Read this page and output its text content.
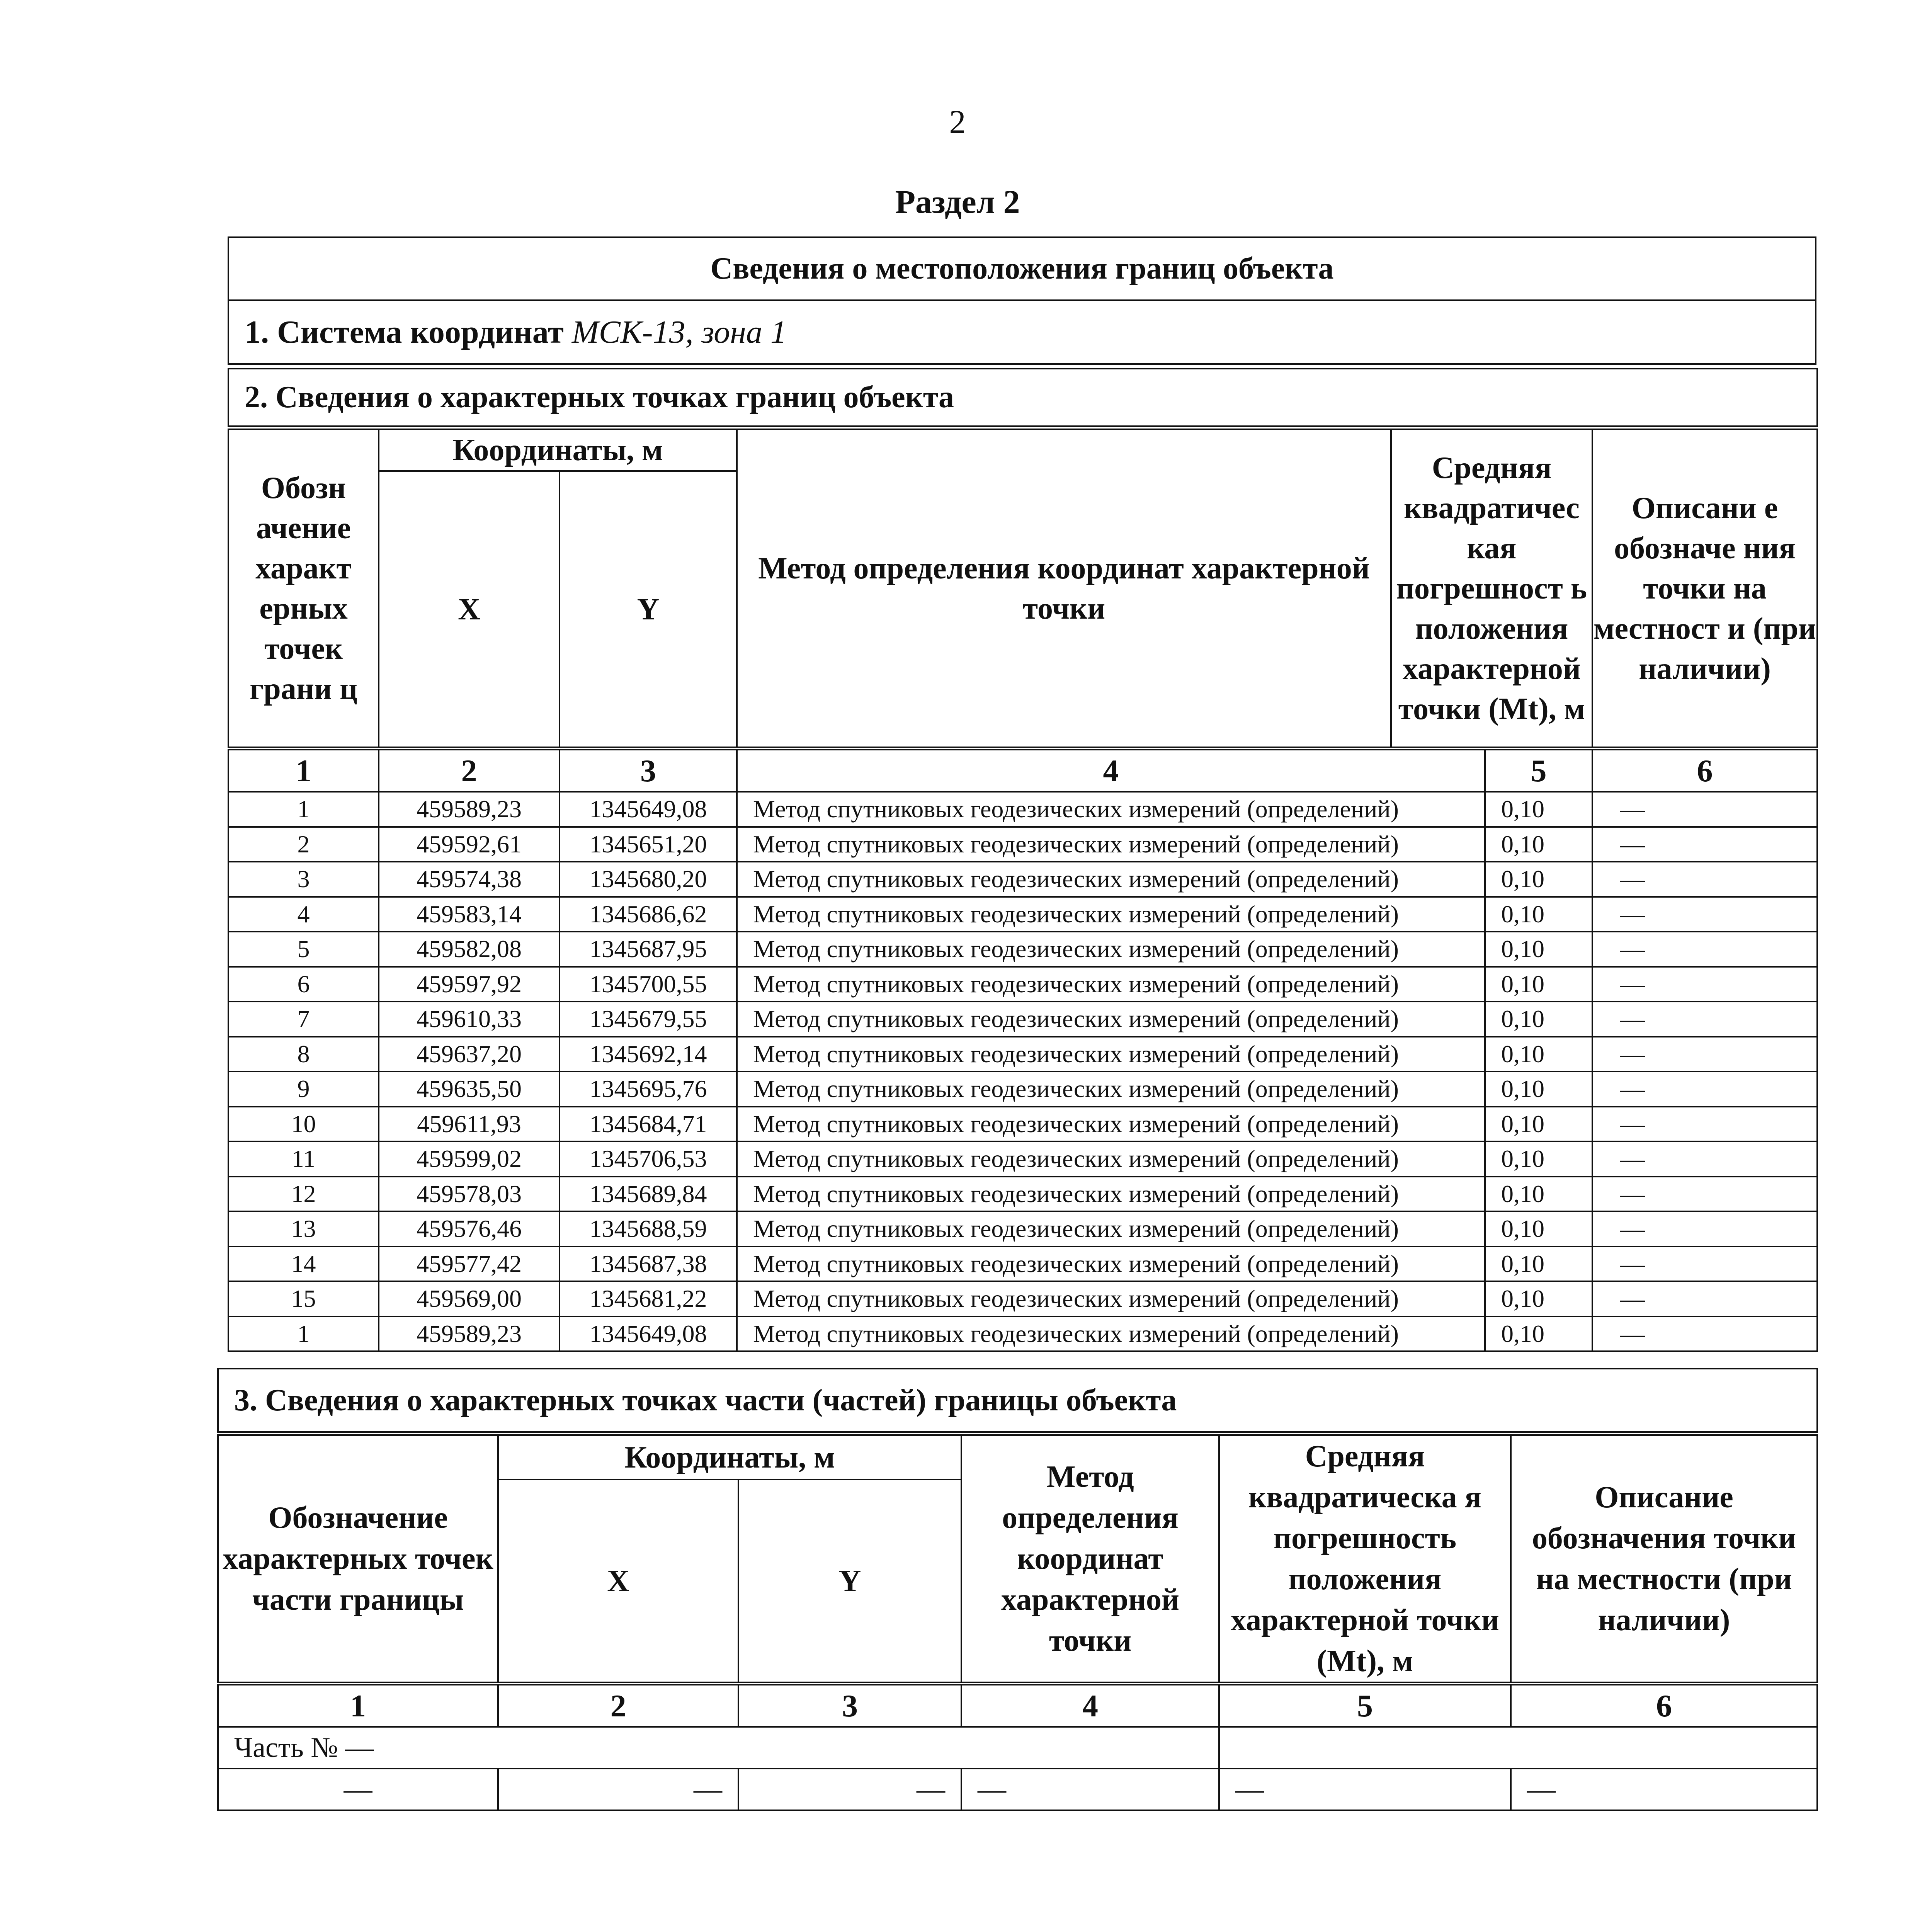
2
Раздел 2
Сведения о местоположения границ объекта
1. Система координат МСК-13, зона 1
2. Сведения о характерных точках границ объекта						
Обозн ачение характ ерных точек грани ц	Координаты, м		Метод определения координат характерной точки	Средняя квадратичес кая погрешност ь положения характерной точки (Mt), м		Описани е обозначе ния точки на местност и (при наличии)
	X	Y				
1	2	3	4		5	6
1	459589,23	1345649,08	Метод спутниковых геодезических измерений (определений)		0,10	—
2	459592,61	1345651,20	Метод спутниковых геодезических измерений (определений)		0,10	—
3	459574,38	1345680,20	Метод спутниковых геодезических измерений (определений)		0,10	—
4	459583,14	1345686,62	Метод спутниковых геодезических измерений (определений)		0,10	—
5	459582,08	1345687,95	Метод спутниковых геодезических измерений (определений)		0,10	—
6	459597,92	1345700,55	Метод спутниковых геодезических измерений (определений)		0,10	—
7	459610,33	1345679,55	Метод спутниковых геодезических измерений (определений)		0,10	—
8	459637,20	1345692,14	Метод спутниковых геодезических измерений (определений)		0,10	—
9	459635,50	1345695,76	Метод спутниковых геодезических измерений (определений)		0,10	—
10	459611,93	1345684,71	Метод спутниковых геодезических измерений (определений)		0,10	—
11	459599,02	1345706,53	Метод спутниковых геодезических измерений (определений)		0,10	—
12	459578,03	1345689,84	Метод спутниковых геодезических измерений (определений)		0,10	—
13	459576,46	1345688,59	Метод спутниковых геодезических измерений (определений)		0,10	—
14	459577,42	1345687,38	Метод спутниковых геодезических измерений (определений)		0,10	—
15	459569,00	1345681,22	Метод спутниковых геодезических измерений (определений)		0,10	—
1	459589,23	1345649,08	Метод спутниковых геодезических измерений (определений)		0,10	—
3. Сведения о характерных точках части (частей) границы объекта					
Обозначение характерных точек части границы	Координаты, м		Метод определения координат характерной точки	Средняя квадратическа я погрешность положения характерной точки (Mt), м	Описание обозначения точки на местности (при наличии)
	X	Y			
1	2	3	4	5	6
Часть № —					
—	—	—	—	—	—
